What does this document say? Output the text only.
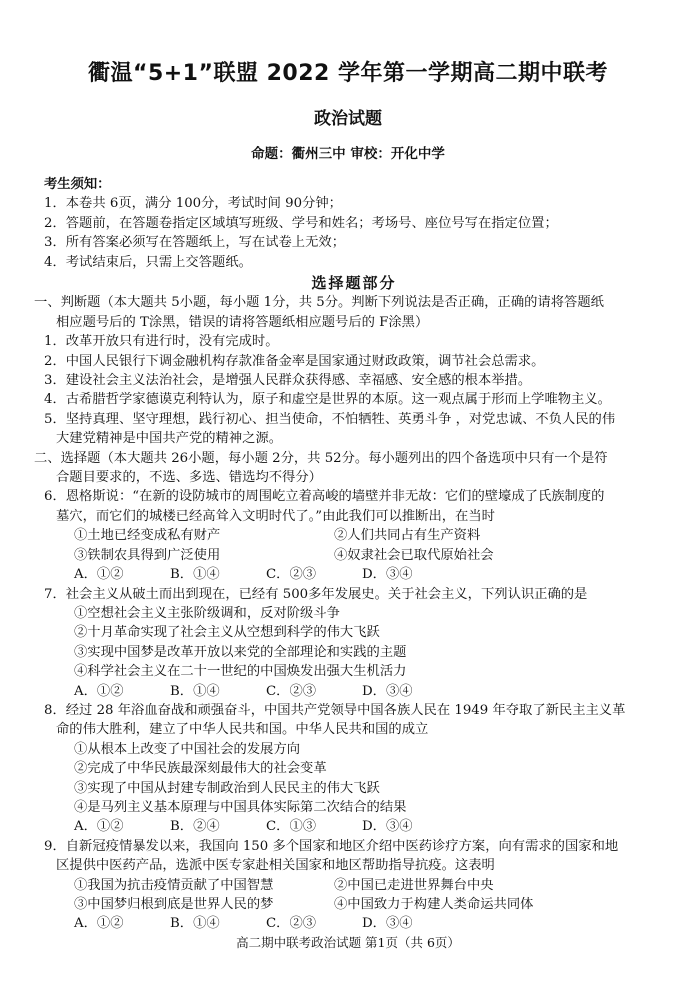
衢温“5+1”联盟 2022 学年第一学期高二期中联考
政治试题
命题：衢州三中 审校：开化中学
考生须知：
1．本卷共 6页，满分 100分，考试时间 90分钟；
2．答题前，在答题卷指定区域填写班级、学号和姓名；考场号、座位号写在指定位置；
3．所有答案必须写在答题纸上，写在试卷上无效；
4．考试结束后，只需上交答题纸。
选择题部分
一、判断题（本大题共 5小题，每小题 1分，共 5分。判断下列说法是否正确，正确的请将答题纸
相应题号后的 T涂黑，错误的请将答题纸相应题号后的 F涂黑）
1．改革开放只有进行时，没有完成时。
2．中国人民银行下调金融机构存款准备金率是国家通过财政政策，调节社会总需求。
3．建设社会主义法治社会，是增强人民群众获得感、幸福感、安全感的根本举措。
4．古希腊哲学家德谟克利特认为，原子和虚空是世界的本原。这一观点属于形而上学唯物主义。
5．坚持真理、坚守理想，践行初心、担当使命，不怕牺牲、英勇斗争 ，对党忠诚、不负人民的伟
大建党精神是中国共产党的精神之源。
二、选择题（本大题共 26小题，每小题 2分，共 52分。每小题列出的四个备选项中只有一个是符
合题目要求的，不选、多选、错选均不得分）
6．恩格斯说：“在新的设防城市的周围屹立着高峻的墙壁并非无故：它们的壁壕成了氏族制度的
墓穴，而它们的城楼已经高耸入文明时代了。”由此我们可以推断出，在当时
①土地已经变成私有财产	②人们共同占有生产资料
③铁制农具得到广泛使用	④奴隶社会已取代原始社会
A．①②	B．①④	C．②③	D．③④
7．社会主义从破土而出到现在，已经有 500多年发展史。关于社会主义，下列认识正确的是
①空想社会主义主张阶级调和，反对阶级斗争
②十月革命实现了社会主义从空想到科学的伟大飞跃
③实现中国梦是改革开放以来党的全部理论和实践的主题
④科学社会主义在二十一世纪的中国焕发出强大生机活力
A．①②	B．①④	C．②③	D．③④
8．经过 28 年浴血奋战和顽强奋斗，中国共产党领导中国各族人民在 1949 年夺取了新民主主义革
命的伟大胜利，建立了中华人民共和国。中华人民共和国的成立
①从根本上改变了中国社会的发展方向
②完成了中华民族最深刻最伟大的社会变革
③实现了中国从封建专制政治到人民民主的伟大飞跃
④是马列主义基本原理与中国具体实际第二次结合的结果
A．①②	B．②④	C．①③	D．③④
9．自新冠疫情暴发以来，我国向 150 多个国家和地区介绍中医药诊疗方案，向有需求的国家和地
区提供中医药产品，选派中医专家赴相关国家和地区帮助指导抗疫。这表明
①我国为抗击疫情贡献了中国智慧	②中国已走进世界舞台中央
③中国梦归根到底是世界人民的梦	④中国致力于构建人类命运共同体
A．①②	B．①④	C．②③	D．③④
高二期中联考政治试题 第1页（共 6页）
